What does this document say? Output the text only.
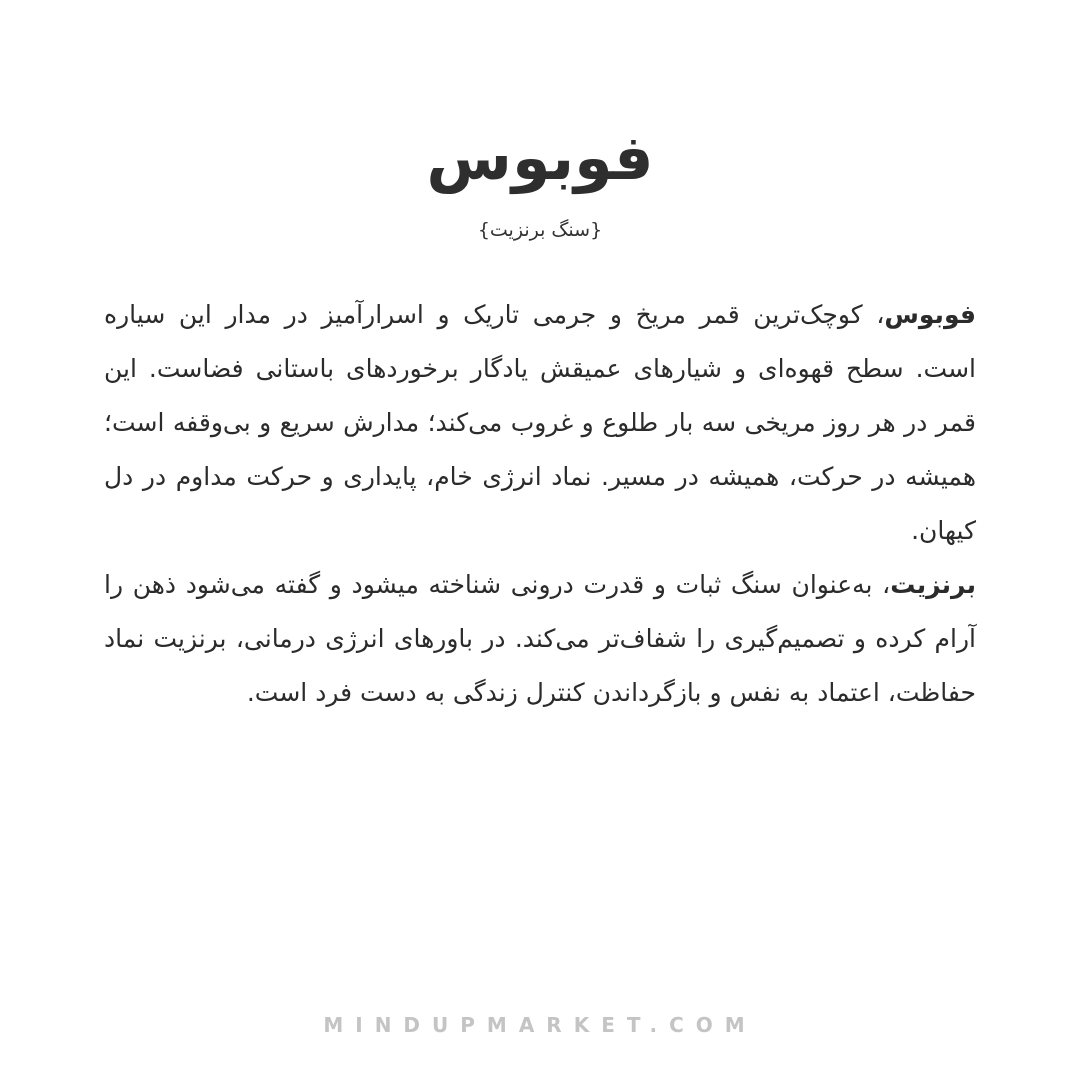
فوبوس
{سنگ برنزیت}

فوبوس، کوچک‌ترین قمر مریخ و جرمی تاریک و اسرارآمیز در مدار این سیاره است. سطح قهوه‌ای و شیارهای عمیقش یادگار برخوردهای باستانی فضاست. این قمر در هر روز مریخی سه بار طلوع و غروب می‌کند؛ مدارش سریع و بی‌وقفه است؛ همیشه در حرکت، همیشه در مسیر. نماد انرژی خام، پایداری و حرکت مداوم در دل کیهان.

برنزیت، به‌عنوان سنگ ثبات و قدرت درونی شناخته میشود و گفته می‌شود ذهن را آرام کرده و تصمیم‌گیری را شفاف‌تر می‌کند. در باورهای انرژی درمانی، برنزیت نماد حفاظت، اعتماد به نفس و بازگرداندن کنترل زندگی به دست فرد است.

MINDUPMARKET.COM
